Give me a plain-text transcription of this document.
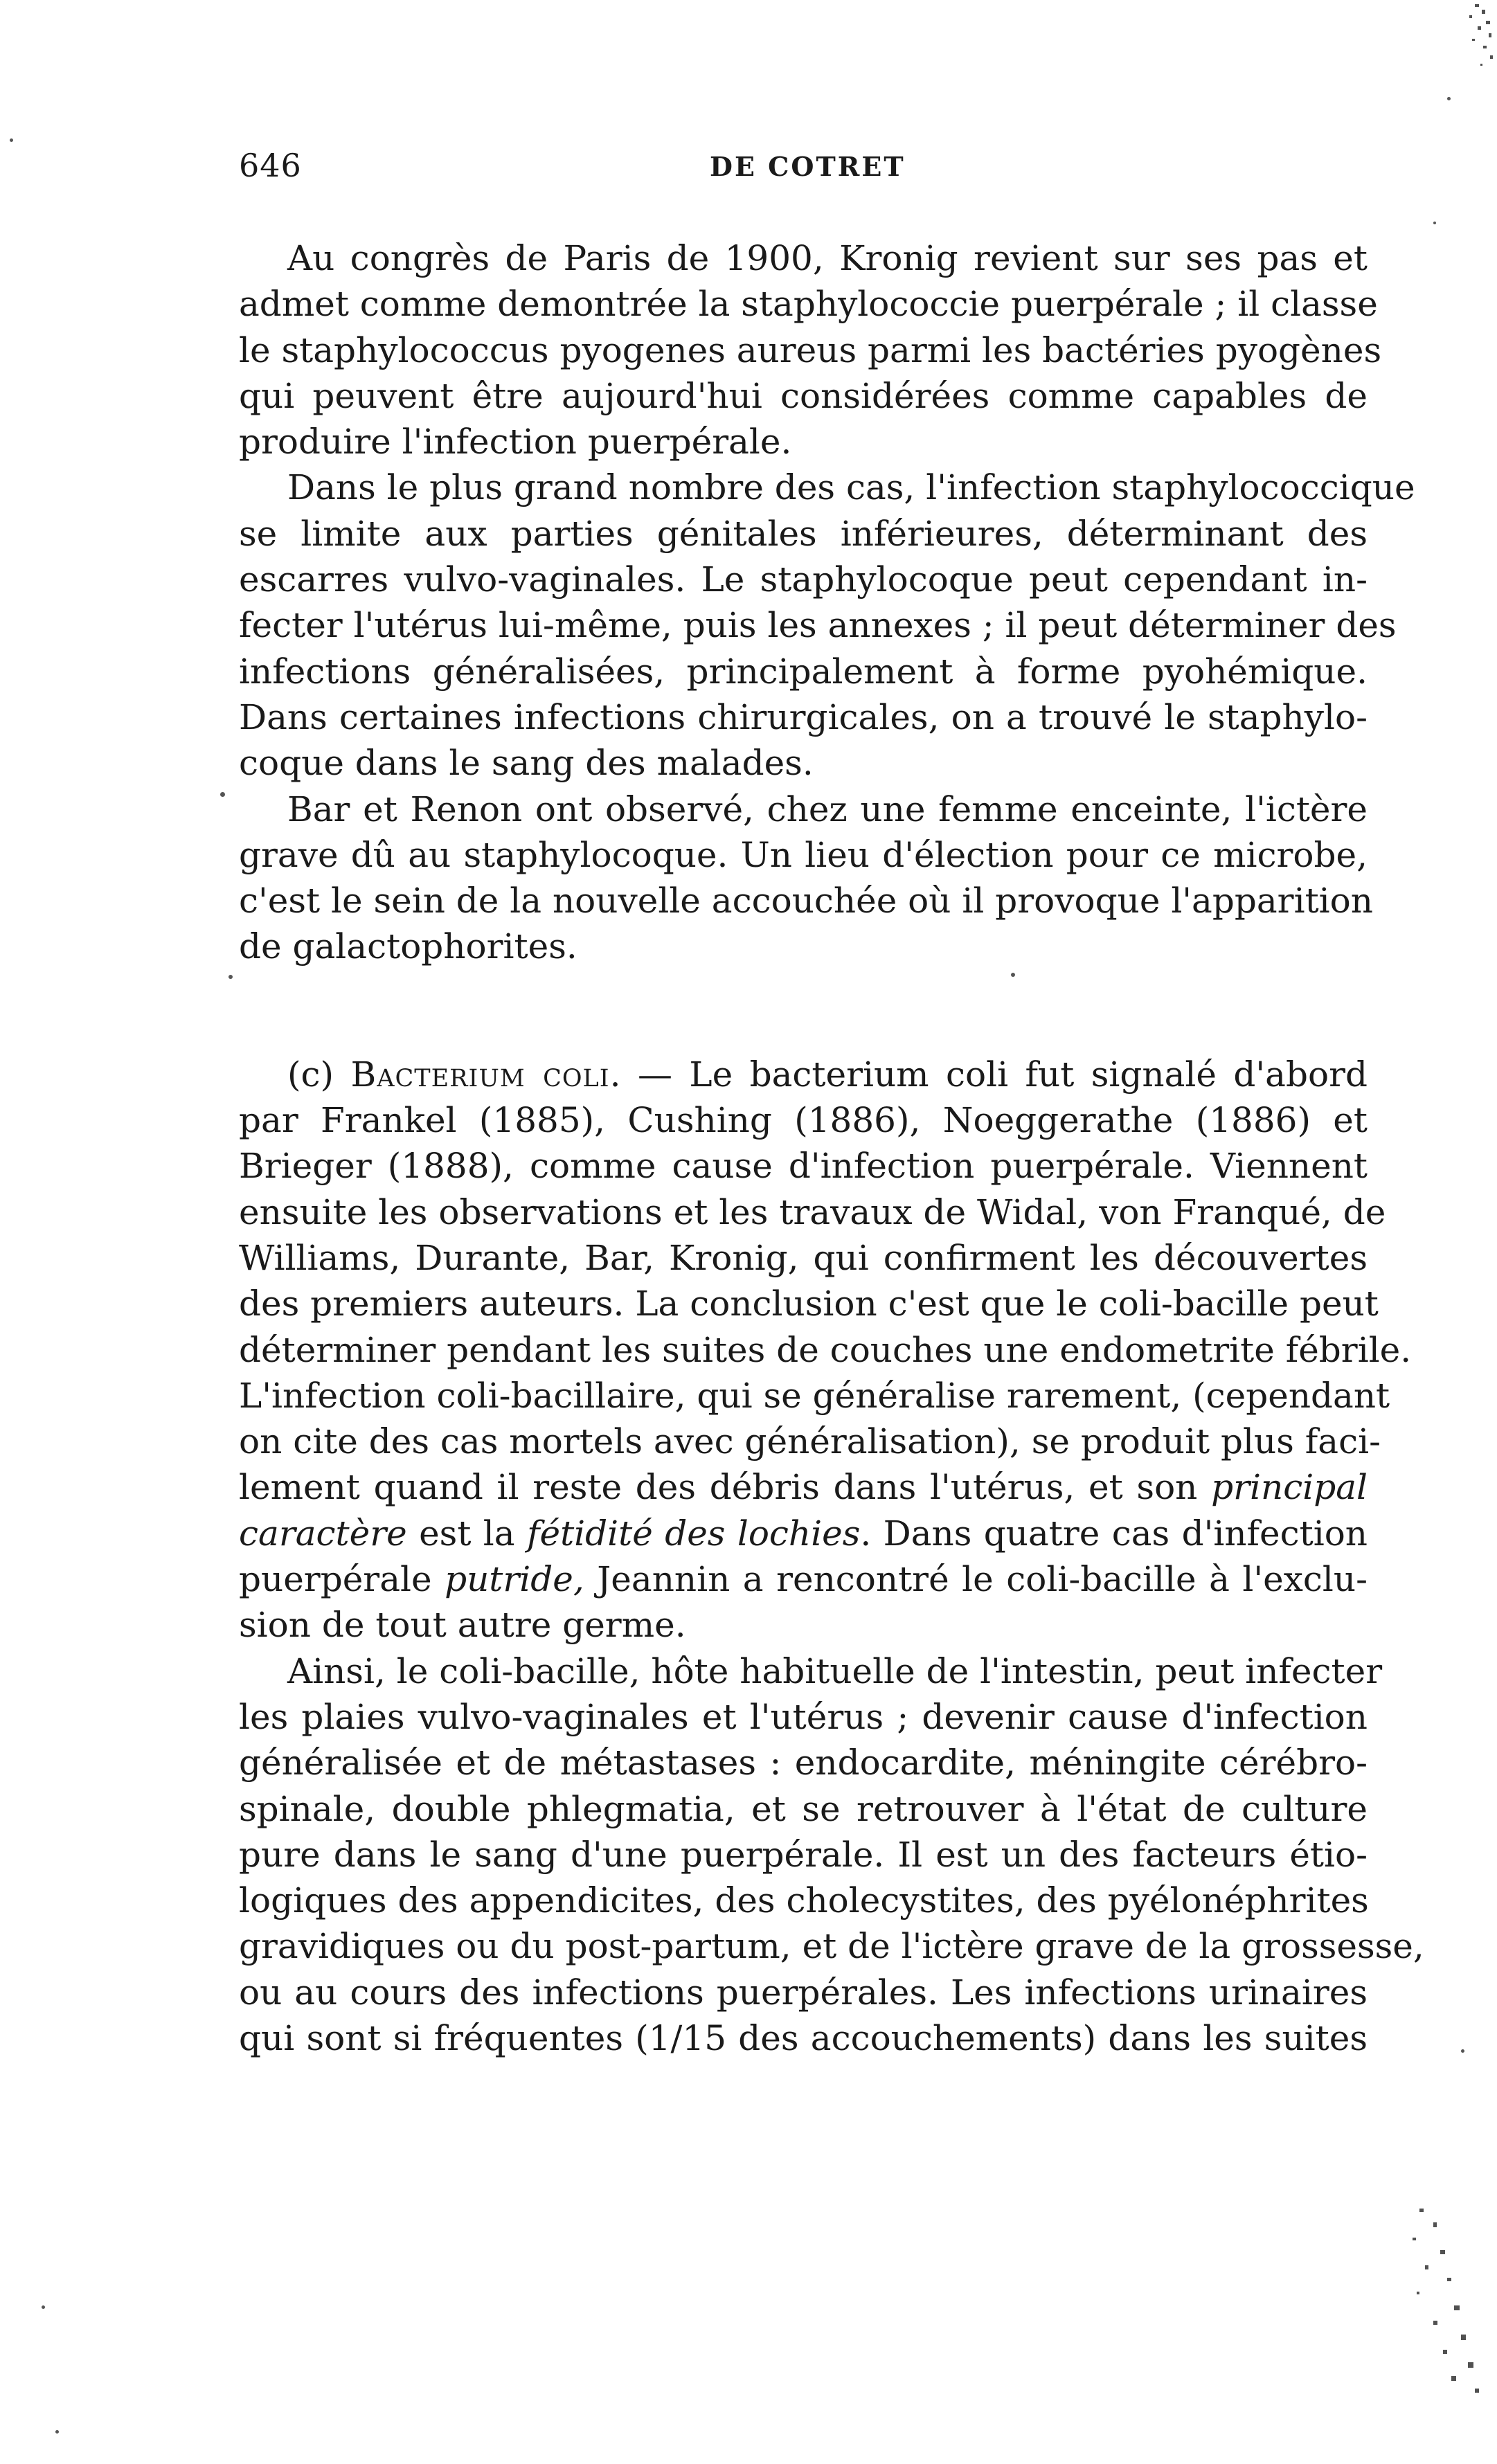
646	DE COTRET
Au congrès de Paris de 1900, Kronig revient sur ses pas et
admet comme demontrée la staphylococcie puerpérale ; il classe
le staphylococcus pyogenes aureus parmi les bactéries pyogènes
qui peuvent être aujourd'hui considérées comme capables de
produire l'infection puerpérale.
Dans le plus grand nombre des cas, l'infection staphylococcique
se limite aux parties génitales inférieures, déterminant des
escarres vulvo-vaginales. Le staphylocoque peut cependant in-
fecter l'utérus lui-même, puis les annexes ; il peut déterminer des
infections généralisées, principalement à forme pyohémique.
Dans certaines infections chirurgicales, on a trouvé le staphylo-
coque dans le sang des malades.
Bar et Renon ont observé, chez une femme enceinte, l'ictère
grave dû au staphylocoque. Un lieu d'élection pour ce microbe,
c'est le sein de la nouvelle accouchée où il provoque l'apparition
de galactophorites.
(c) Bacterium coli. — Le bacterium coli fut signalé d'abord
par Frankel (1885), Cushing (1886), Noeggerathe (1886) et
Brieger (1888), comme cause d'infection puerpérale. Viennent
ensuite les observations et les travaux de Widal, von Franqué, de
Williams, Durante, Bar, Kronig, qui confirment les découvertes
des premiers auteurs. La conclusion c'est que le coli-bacille peut
déterminer pendant les suites de couches une endometrite fébrile.
L'infection coli-bacillaire, qui se généralise rarement, (cependant
on cite des cas mortels avec généralisation), se produit plus faci-
lement quand il reste des débris dans l'utérus, et son principal
caractère est la fétidité des lochies. Dans quatre cas d'infection
puerpérale putride, Jeannin a rencontré le coli-bacille à l'exclu-
sion de tout autre germe.
Ainsi, le coli-bacille, hôte habituelle de l'intestin, peut infecter
les plaies vulvo-vaginales et l'utérus ; devenir cause d'infection
généralisée et de métastases : endocardite, méningite cérébro-
spinale, double phlegmatia, et se retrouver à l'état de culture
pure dans le sang d'une puerpérale. Il est un des facteurs étio-
logiques des appendicites, des cholecystites, des pyélonéphrites
gravidiques ou du post-partum, et de l'ictère grave de la grossesse,
ou au cours des infections puerpérales. Les infections urinaires
qui sont si fréquentes (1/15 des accouchements) dans les suites
